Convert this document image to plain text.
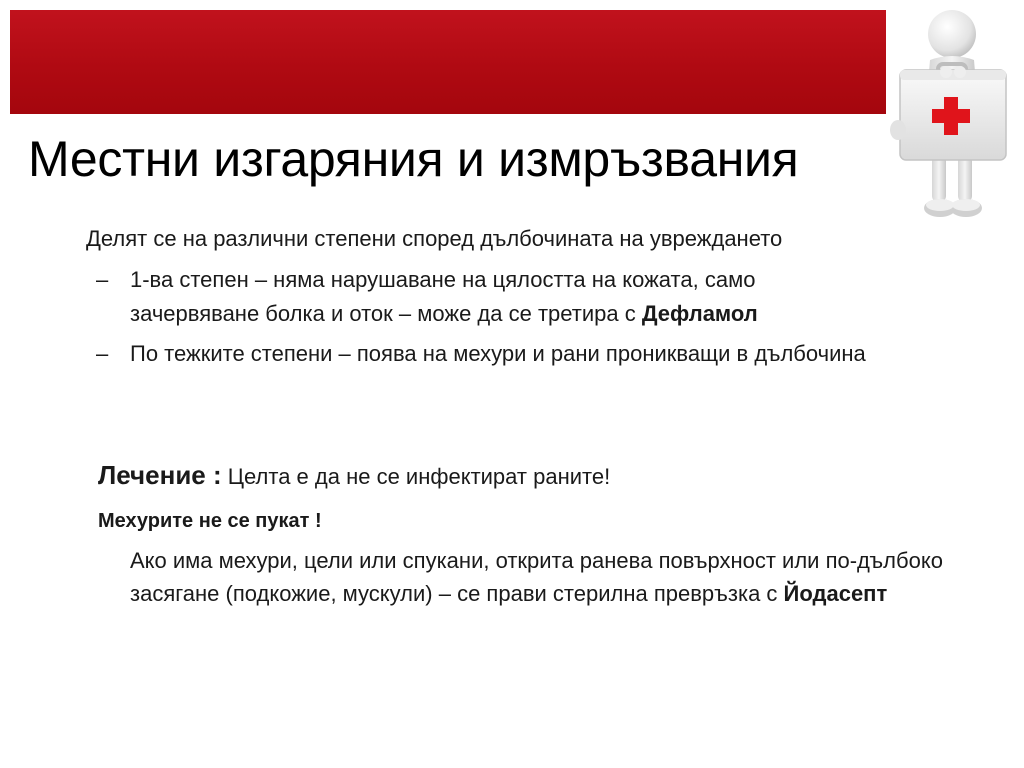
Местни изгаряния и измръзвания
Делят се на различни степени според дълбочината на увреждането
– 1-ва степен – няма нарушаване на цялостта на кожата, само зачервяване болка и оток – може да се третира с Дефламол
– По тежките степени – поява на мехури и рани проникващи в дълбочина
Лечение : Целта е да не се инфектират раните!
Мехурите не се пукат !
Ако има мехури, цели или спукани, открита раневa повърхност или по-дълбоко засягане (подкожие, мускули) – се прави стерилна превръзка с Йодасепт
